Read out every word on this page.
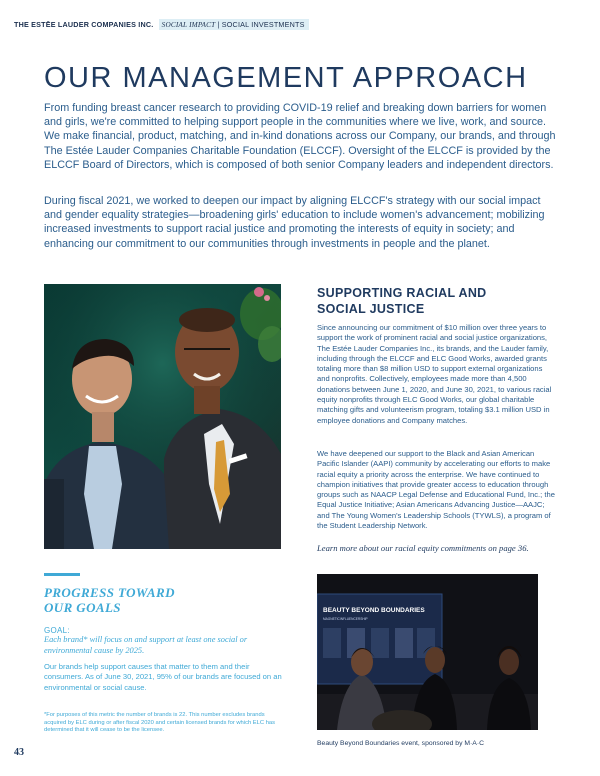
THE ESTĒE LAUDER COMPANIES INC. SOCIAL IMPACT | SOCIAL INVESTMENTS
OUR MANAGEMENT APPROACH

From funding breast cancer research to providing COVID-19 relief and breaking down barriers for women and girls, we're committed to helping support people in the communities where we live, work, and source. We make financial, product, matching, and in-kind donations across our Company, our brands, and through The Estée Lauder Companies Charitable Foundation (ELCCF). Oversight of the ELCCF is provided by the ELCCF Board of Directors, which is composed of both senior Company leaders and independent directors.

During fiscal 2021, we worked to deepen our impact by aligning ELCCF's strategy with our social impact and gender equality strategies—broadening girls' education to include women's advancement; mobilizing increased investments to support racial justice and promoting the interests of equity in society; and enhancing our commitment to our communities through investments in people and the planet.

SUPPORTING RACIAL AND
SOCIAL JUSTICE

Since announcing our commitment of $10 million over three years to support the work of prominent racial and social justice organizations, The Estée Lauder Companies Inc., its brands, and the Lauder family, including through the ELCCF and ELC Good Works, awarded grants totaling more than $8 million USD to support external organizations and nonprofits. Collectively, employees made more than 4,500 donations between June 1, 2020, and June 30, 2021, to various racial equity nonprofits through ELC Good Works, our global charitable matching gifts and volunteerism program, totaling $3.1 million USD in employee donations and Company matches.

We have deepened our support to the Black and Asian American Pacific Islander (AAPI) community by accelerating our efforts to make racial equity a priority across the enterprise. We have continued to champion initiatives that provide greater access to education through groups such as NAACP Legal Defense and Educational Fund, Inc.; the Equal Justice Initiative; Asian Americans Advancing Justice—AAJC; and The Young Women's Leadership Schools (TYWLS), a program of the Student Leadership Network.

Learn more about our racial equity commitments on page 36.
PROGRESS TOWARD
OUR GOALS
GOAL:

Each brand* will focus on and support at least one social or environmental cause by 2025.

Our brands help support causes that matter to them and their consumers. As of June 30, 2021, 95% of our brands are focused on an environmental or social cause.

*For purposes of this metric the number of brands is 22. This number excludes brands acquired by ELC during or after fiscal 2020 and certain licensed brands for which ELC has determined that it will cease to be the licensee.

43
BEAUTY BEYOND BOUNDARIES
MAGNETICINFLUENCERSHIP
Beauty Beyond Boundaries event, sponsored by M·A·C
